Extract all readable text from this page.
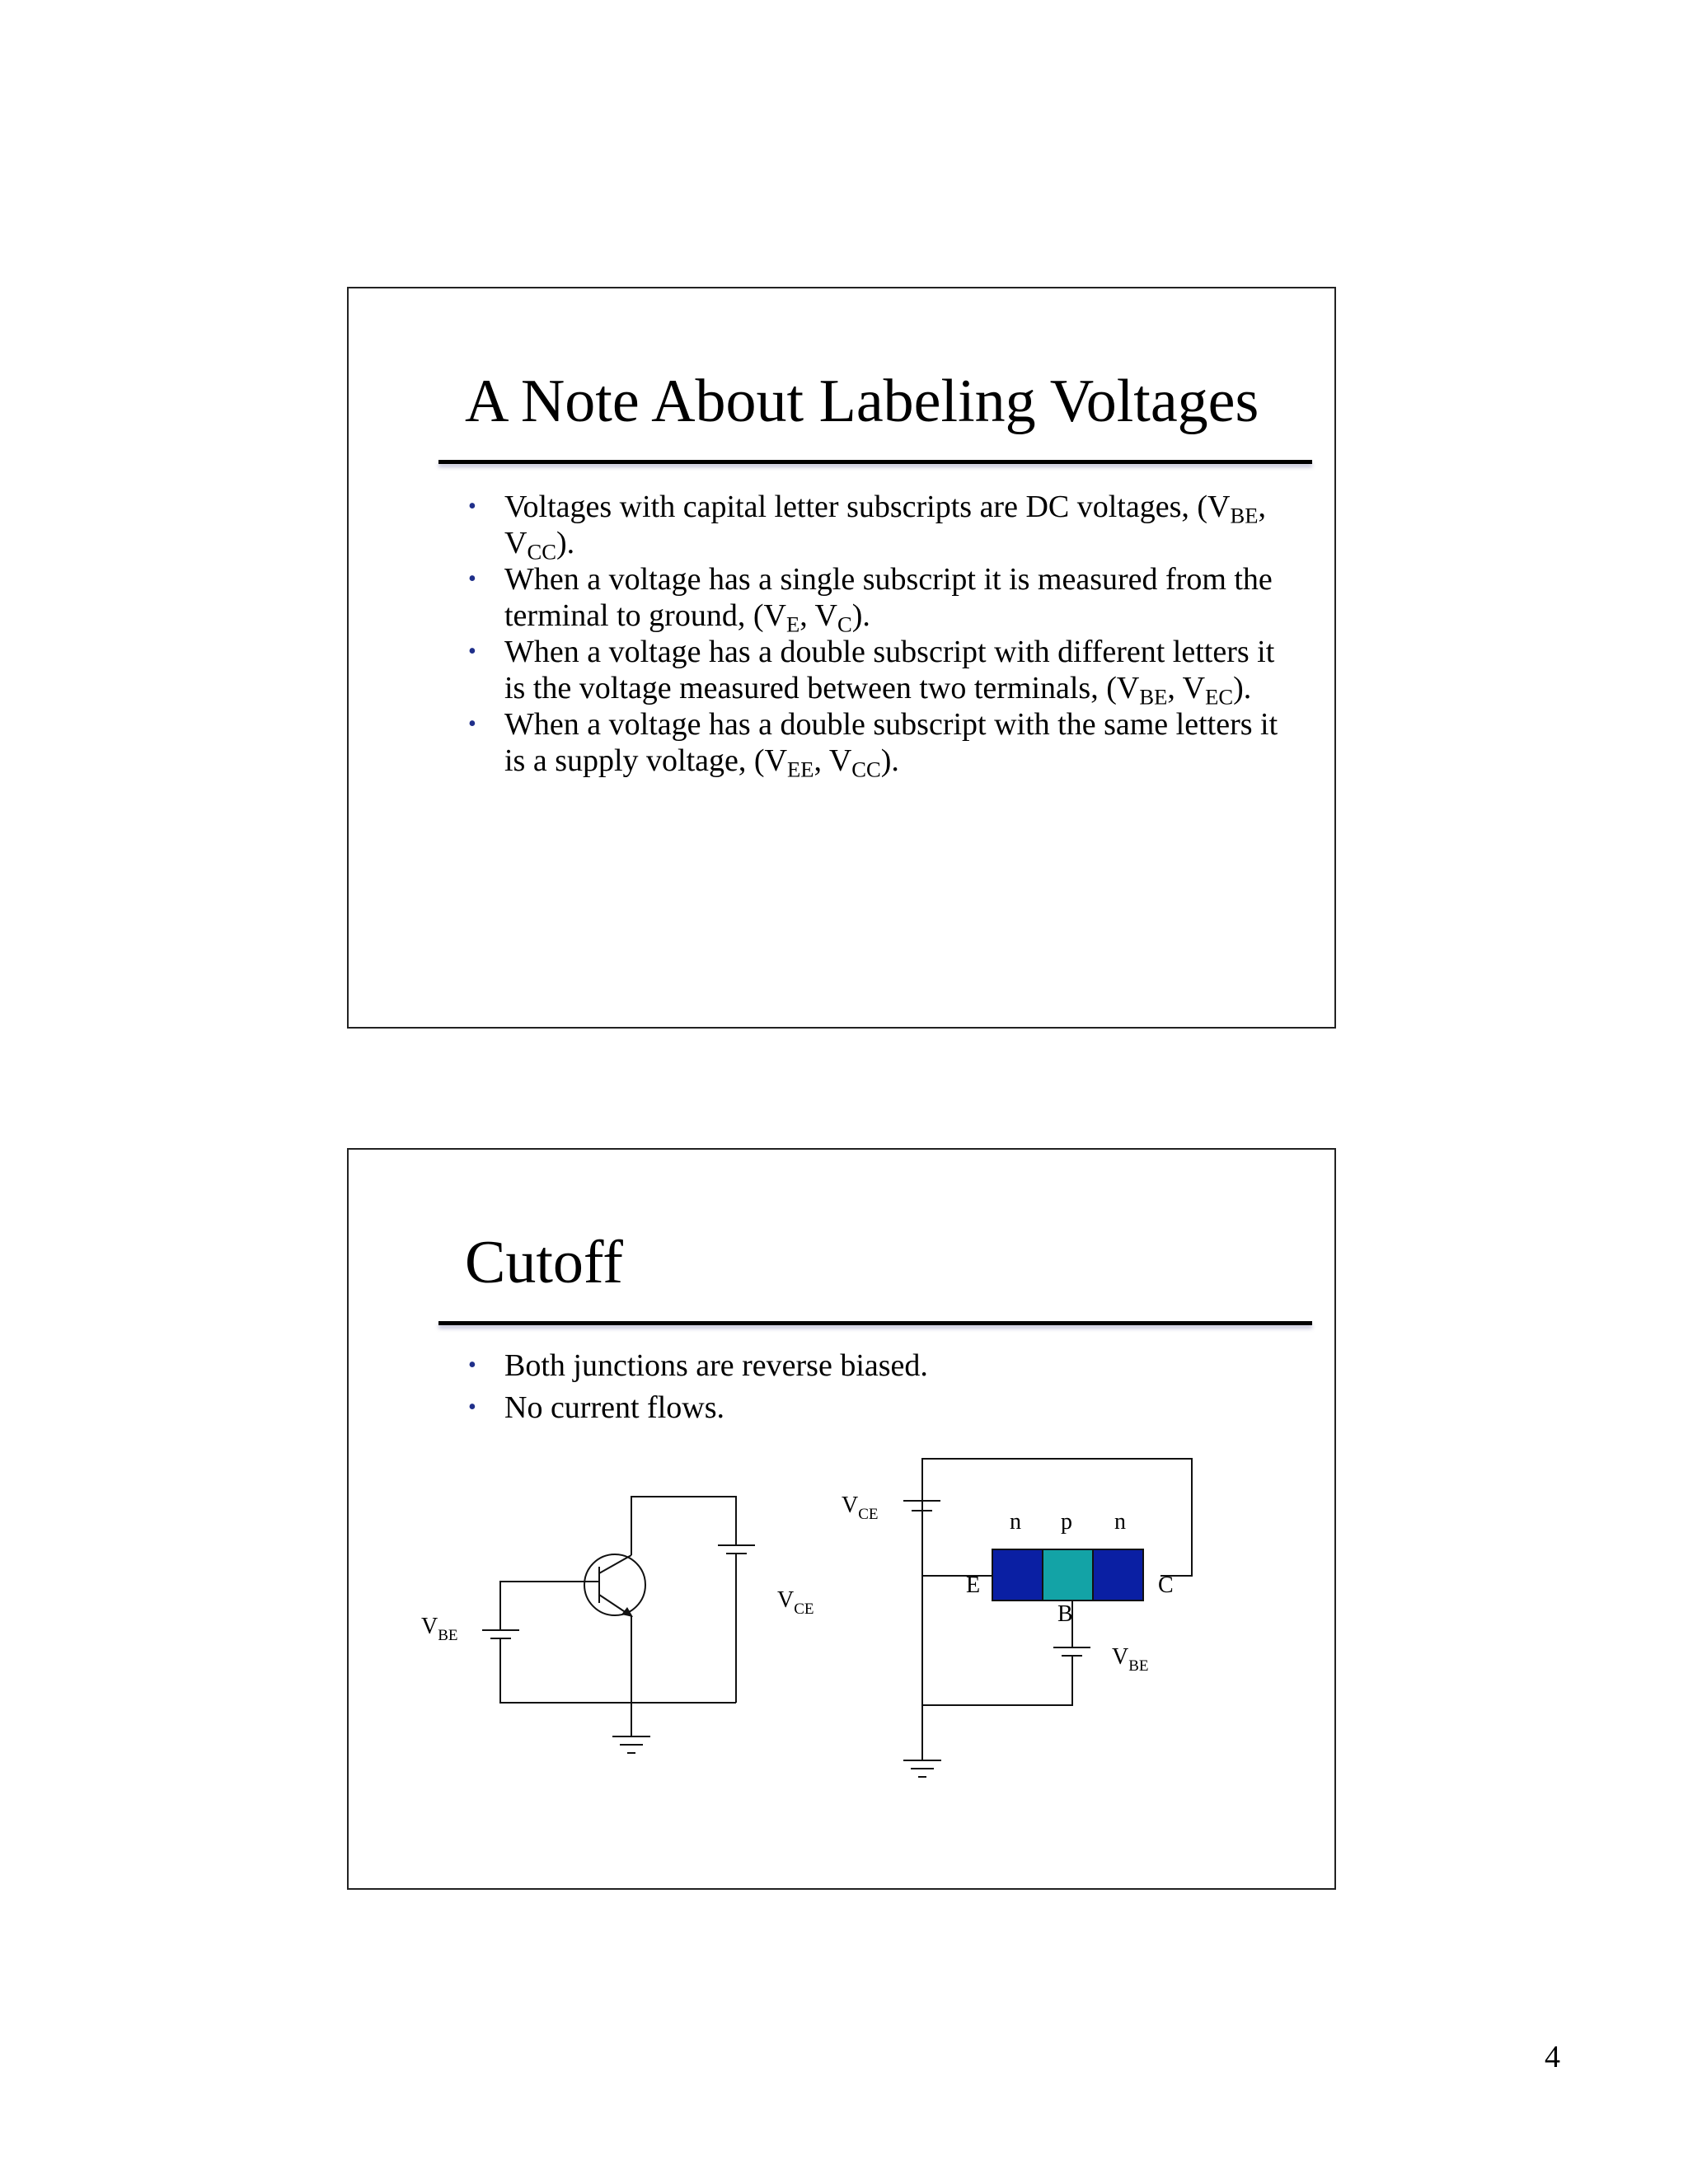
A Note About Labeling Voltages
• Voltages with capital letter subscripts are DC voltages, ($V_{BE}$, $V_{CC}$).
• When a voltage has a single subscript it is measured from the terminal to ground, ($V_E$, $V_C$).
• When a voltage has a double subscript with different letters it is the voltage measured between two terminals, ($V_{BE}$, $V_{EC}$).
• When a voltage has a double subscript with the same letters it is a supply voltage, ($V_{EE}$, $V_{CC}$).
Cutoff
• Both junctions are reverse biased.
• No current flows.
$V_{BE}$
$V_{CE}$
$V_{CE}$
$V_{BE}$
n p n
E	C
B
4
